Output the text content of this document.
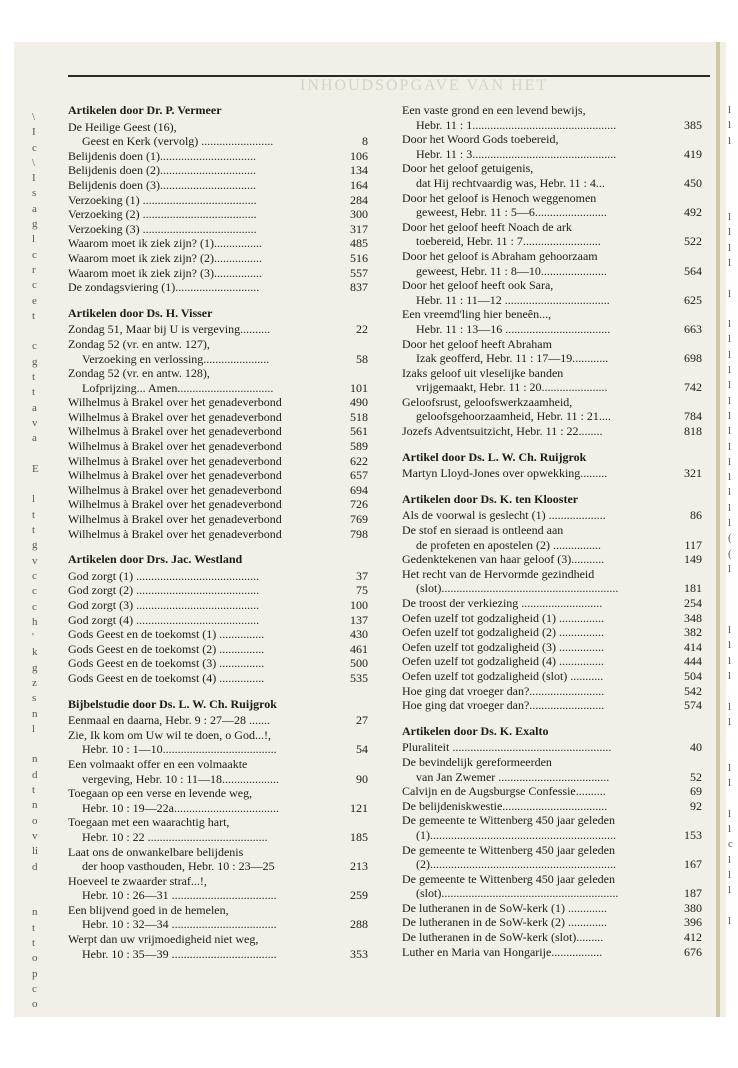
INHOUDSOPGAVE VAN HET
\
I
c
\
I
s
a
g
l
c
r
c
e
t

c
g
t
t
a
v
a

E

l
t
t
g
v
c
c
c
h
'
k
g
z
s
n
l

n
d
t
n
o
v
li
d

n
t
t
o
p
c
o
l
l
l

l
l
l
l

l

l
l
l
l
l
l
l
l
l
l
l
l
l
l
(
(
l

l
l
l
l

l
l

l
l

l
l
c
l
l
l

l
Artikelen door Dr. P. Vermeer
De Heilige Geest (16),
Geest en Kerk (vervolg) ........................	8
Belijdenis doen (1)................................	106
Belijdenis doen (2)................................	134
Belijdenis doen (3)................................	164
Verzoeking (1) ......................................	284
Verzoeking (2) ......................................	300
Verzoeking (3) ......................................	317
Waarom moet ik ziek zijn? (1)................	485
Waarom moet ik ziek zijn? (2)................	516
Waarom moet ik ziek zijn? (3)................	557
De zondagsviering (1)............................	837
Artikelen door Ds. H. Visser
Zondag 51, Maar bij U is vergeving..........	22
Zondag 52 (vr. en antw. 127),
Verzoeking en verlossing......................	58
Zondag 52 (vr. en antw. 128),
Lofprijzing... Amen................................	101
Wilhelmus à Brakel over het genadeverbond	490
Wilhelmus à Brakel over het genadeverbond	518
Wilhelmus à Brakel over het genadeverbond	561
Wilhelmus à Brakel over het genadeverbond	589
Wilhelmus à Brakel over het genadeverbond	622
Wilhelmus à Brakel over het genadeverbond	657
Wilhelmus à Brakel over het genadeverbond	694
Wilhelmus à Brakel over het genadeverbond	726
Wilhelmus à Brakel over het genadeverbond	769
Wilhelmus à Brakel over het genadeverbond	798
Artikelen door Drs. Jac. Westland
God zorgt (1) .........................................	37
God zorgt (2) .........................................	75
God zorgt (3) .........................................	100
God zorgt (4) .........................................	137
Gods Geest en de toekomst (1) ...............	430
Gods Geest en de toekomst (2) ...............	461
Gods Geest en de toekomst (3) ...............	500
Gods Geest en de toekomst (4) ...............	535
Bijbelstudie door Ds. L. W. Ch. Ruijgrok
Eenmaal en daarna, Hebr. 9 : 27—28 .......	27
Zie, Ik kom om Uw wil te doen, o God...!,
Hebr. 10 : 1—10......................................	54
Een volmaakt offer en een volmaakte
vergeving, Hebr. 10 : 11—18...................	90
Toegaan op een verse en levende weg,
Hebr. 10 : 19—22a...................................	121
Toegaan met een waarachtig hart,
Hebr. 10 : 22 ........................................	185
Laat ons de onwankelbare belijdenis
der hoop vasthouden, Hebr. 10 : 23—25	213
Hoeveel te zwaarder straf...!,
Hebr. 10 : 26—31 ...................................	259
Een blijvend goed in de hemelen,
Hebr. 10 : 32—34 ...................................	288
Werpt dan uw vrijmoedigheid niet weg,
Hebr. 10 : 35—39 ...................................	353
Een vaste grond en een levend bewijs,
Hebr. 11 : 1................................................	385
Door het Woord Gods toebereid,
Hebr. 11 : 3................................................	419
Door het geloof getuigenis,
dat Hij rechtvaardig was, Hebr. 11 : 4...	450
Door het geloof is Henoch weggenomen
geweest, Hebr. 11 : 5—6........................	492
Door het geloof heeft Noach de ark
toebereid, Hebr. 11 : 7..........................	522
Door het geloof is Abraham gehoorzaam
geweest, Hebr. 11 : 8—10......................	564
Door het geloof heeft ook Sara,
Hebr. 11 : 11—12 ...................................	625
Een vreemd'ling hier beneên...,
Hebr. 11 : 13—16 ...................................	663
Door het geloof heeft Abraham
Izak geofferd, Hebr. 11 : 17—19............	698
Izaks geloof uit vleselijke banden
vrijgemaakt, Hebr. 11 : 20......................	742
Geloofsrust, geloofswerkzaamheid,
geloofsgehoorzaamheid, Hebr. 11 : 21....	784
Jozefs Adventsuitzicht, Hebr. 11 : 22........	818
Artikel door Ds. L. W. Ch. Ruijgrok
Martyn Lloyd-Jones over opwekking.........	321
Artikelen door Ds. K. ten Klooster
Als de voorwal is geslecht (1) ...................	86
De stof en sieraad is ontleend aan
de profeten en apostelen (2) ................	117
Gedenktekenen van haar geloof (3)...........	149
Het recht van de Hervormde gezindheid
(slot)...........................................................	181
De troost der verkiezing ...........................	254
Oefen uzelf tot godzaligheid (1) ...............	348
Oefen uzelf tot godzaligheid (2) ...............	382
Oefen uzelf tot godzaligheid (3) ...............	414
Oefen uzelf tot godzaligheid (4) ...............	444
Oefen uzelf tot godzaligheid (slot) ...........	504
Hoe ging dat vroeger dan?.........................	542
Hoe ging dat vroeger dan?.........................	574
Artikelen door Ds. K. Exalto
Pluraliteit .....................................................	40
De bevindelijk gereformeerden
van Jan Zwemer .....................................	52
Calvijn en de Augsburgse Confessie..........	69
De belijdeniskwestie...................................	92
De gemeente te Wittenberg 450 jaar geleden
(1)..............................................................	153
De gemeente te Wittenberg 450 jaar geleden
(2)..............................................................	167
De gemeente te Wittenberg 450 jaar geleden
(slot)...........................................................	187
De lutheranen in de SoW-kerk (1) .............	380
De lutheranen in de SoW-kerk (2) .............	396
De lutheranen in de SoW-kerk (slot).........	412
Luther en Maria van Hongarije.................	676
